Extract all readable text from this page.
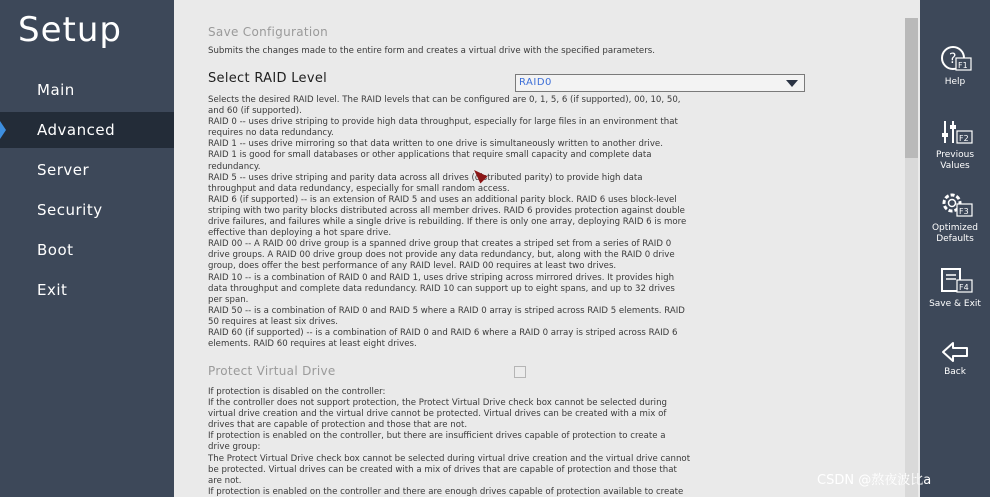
Setup
Main
Advanced
Server
Security
Boot
Exit
Save Configuration
Submits the changes made to the entire form and creates a virtual drive with the specified parameters.
Select RAID Level
Selects the desired RAID level. The RAID levels that can be configured are 0, 1, 5, 6 (if supported), 00, 10, 50,
and 60 (if supported).
RAID 0 -- uses drive striping to provide high data throughput, especially for large files in an environment that
requires no data redundancy.
RAID 1 -- uses drive mirroring so that data written to one drive is simultaneously written to another drive.
RAID 1 is good for small databases or other applications that require small capacity and complete data
redundancy.
RAID 5 -- uses drive striping and parity data across all drives (distributed parity) to provide high data
throughput and data redundancy, especially for small random access.
RAID 6 (if supported) -- is an extension of RAID 5 and uses an additional parity block. RAID 6 uses block-level
striping with two parity blocks distributed across all member drives. RAID 6 provides protection against double
drive failures, and failures while a single drive is rebuilding. If there is only one array, deploying RAID 6 is more
effective than deploying a hot spare drive.
RAID 00 -- A RAID 00 drive group is a spanned drive group that creates a striped set from a series of RAID 0
drive groups. A RAID 00 drive group does not provide any data redundancy, but, along with the RAID 0 drive
group, does offer the best performance of any RAID level. RAID 00 requires at least two drives.
RAID 10 -- is a combination of RAID 0 and RAID 1, uses drive striping across mirrored drives. It provides high
data throughput and complete data redundancy. RAID 10 can support up to eight spans, and up to 32 drives
per span.
RAID 50 -- is a combination of RAID 0 and RAID 5 where a RAID 0 array is striped across RAID 5 elements. RAID
50 requires at least six drives.
RAID 60 (if supported) -- is a combination of RAID 0 and RAID 6 where a RAID 0 array is striped across RAID 6
elements. RAID 60 requires at least eight drives.
Protect Virtual Drive
If protection is disabled on the controller:
If the controller does not support protection, the Protect Virtual Drive check box cannot be selected during
virtual drive creation and the virtual drive cannot be protected. Virtual drives can be created with a mix of
drives that are capable of protection and those that are not.
If protection is enabled on the controller, but there are insufficient drives capable of protection to create a
drive group:
The Protect Virtual Drive check box cannot be selected during virtual drive creation and the virtual drive cannot
be protected. Virtual drives can be created with a mix of drives that are capable of protection and those that
are not.
If protection is enabled on the controller and there are enough drives capable of protection available to create
RAID0
? F1
Help
F2
Previous
Values
F3
Optimized
Defaults
F4
Save & Exit
Back
CSDN @熬夜波比a
